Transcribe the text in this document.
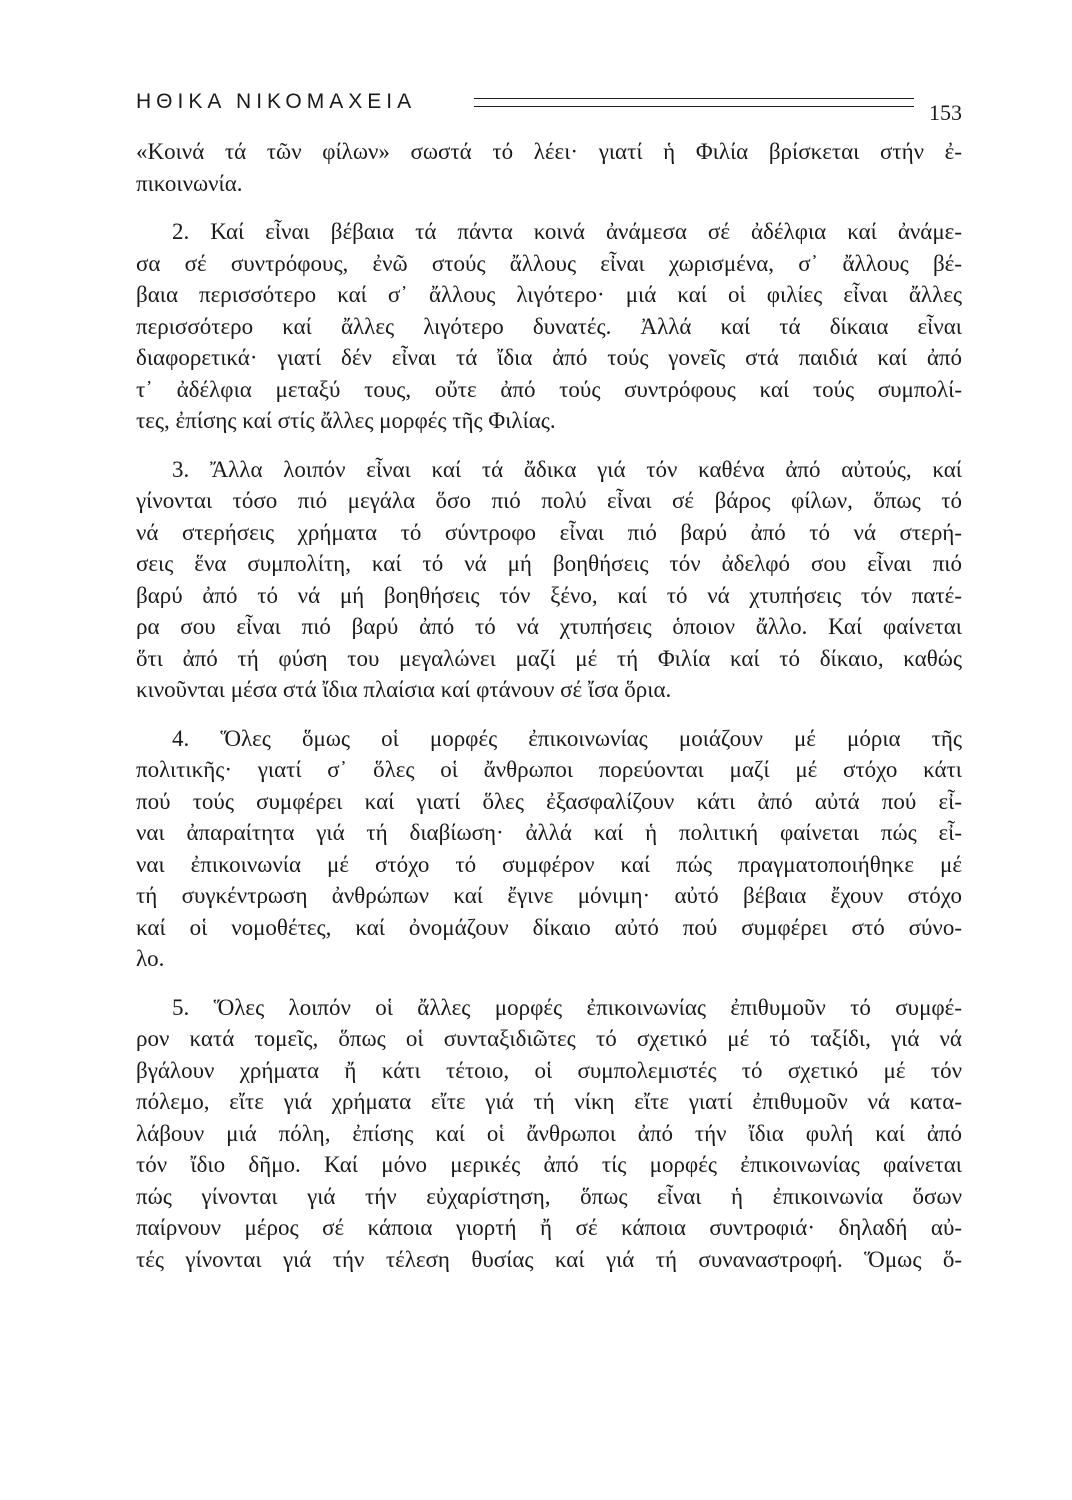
ΗΘΙΚΑ ΝΙΚΟΜΑΧΕΙΑ	153
«Κοινά τά τῶν φίλων» σωστά τό λέει· γιατί ἡ Φιλία βρίσκεται στήν ἐ-
πικοινωνία.
2. Καί εἶναι βέβαια τά πάντα κοινά ἀνάμεσα σέ ἀδέλφια καί ἀνάμε-
σα σέ συντρόφους, ἐνῶ στούς ἄλλους εἶναι χωρισμένα, σ᾿ ἄλλους βέ-
βαια περισσότερο καί σ᾿ ἄλλους λιγότερο· μιά καί οἱ φιλίες εἶναι ἄλλες
περισσότερο καί ἄλλες λιγότερο δυνατές. Ἀλλά καί τά δίκαια εἶναι
διαφορετικά· γιατί δέν εἶναι τά ἴδια ἀπό τούς γονεῖς στά παιδιά καί ἀπό
τ᾿ ἀδέλφια μεταξύ τους, οὔτε ἀπό τούς συντρόφους καί τούς συμπολί-
τες, ἐπίσης καί στίς ἄλλες μορφές τῆς Φιλίας.
3. Ἄλλα λοιπόν εἶναι καί τά ἄδικα γιά τόν καθένα ἀπό αὐτούς, καί
γίνονται τόσο πιό μεγάλα ὅσο πιό πολύ εἶναι σέ βάρος φίλων, ὅπως τό
νά στερήσεις χρήματα τό σύντροφο εἶναι πιό βαρύ ἀπό τό νά στερή-
σεις ἕνα συμπολίτη, καί τό νά μή βοηθήσεις τόν ἀδελφό σου εἶναι πιό
βαρύ ἀπό τό νά μή βοηθήσεις τόν ξένο, καί τό νά χτυπήσεις τόν πατέ-
ρα σου εἶναι πιό βαρύ ἀπό τό νά χτυπήσεις ὁποιον ἄλλο. Καί φαίνεται
ὅτι ἀπό τή φύση του μεγαλώνει μαζί μέ τή Φιλία καί τό δίκαιο, καθώς
κινοῦνται μέσα στά ἴδια πλαίσια καί φτάνουν σέ ἴσα ὅρια.
4. Ὅλες ὅμως οἱ μορφές ἐπικοινωνίας μοιάζουν μέ μόρια τῆς
πολιτικῆς· γιατί σ᾿ ὅλες οἱ ἄνθρωποι πορεύονται μαζί μέ στόχο κάτι
πού τούς συμφέρει καί γιατί ὅλες ἐξασφαλίζουν κάτι ἀπό αὐτά πού εἶ-
ναι ἀπαραίτητα γιά τή διαβίωση· ἀλλά καί ἡ πολιτική φαίνεται πώς εἶ-
ναι ἐπικοινωνία μέ στόχο τό συμφέρον καί πώς πραγματοποιήθηκε μέ
τή συγκέντρωση ἀνθρώπων καί ἔγινε μόνιμη· αὐτό βέβαια ἔχουν στόχο
καί οἱ νομοθέτες, καί ὀνομάζουν δίκαιο αὐτό πού συμφέρει στό σύνο-
λο.
5. Ὅλες λοιπόν οἱ ἄλλες μορφές ἐπικοινωνίας ἐπιθυμοῦν τό συμφέ-
ρον κατά τομεῖς, ὅπως οἱ συνταξιδιῶτες τό σχετικό μέ τό ταξίδι, γιά νά
βγάλουν χρήματα ἤ κάτι τέτοιο, οἱ συμπολεμιστές τό σχετικό μέ τόν
πόλεμο, εἴτε γιά χρήματα εἴτε γιά τή νίκη εἴτε γιατί ἐπιθυμοῦν νά κατα-
λάβουν μιά πόλη, ἐπίσης καί οἱ ἄνθρωποι ἀπό τήν ἴδια φυλή καί ἀπό
τόν ἴδιο δῆμο. Καί μόνο μερικές ἀπό τίς μορφές ἐπικοινωνίας φαίνεται
πώς γίνονται γιά τήν εὐχαρίστηση, ὅπως εἶναι ἡ ἐπικοινωνία ὅσων
παίρνουν μέρος σέ κάποια γιορτή ἤ σέ κάποια συντροφιά· δηλαδή αὐ-
τές γίνονται γιά τήν τέλεση θυσίας καί γιά τή συναναστροφή. Ὅμως ὅ-
